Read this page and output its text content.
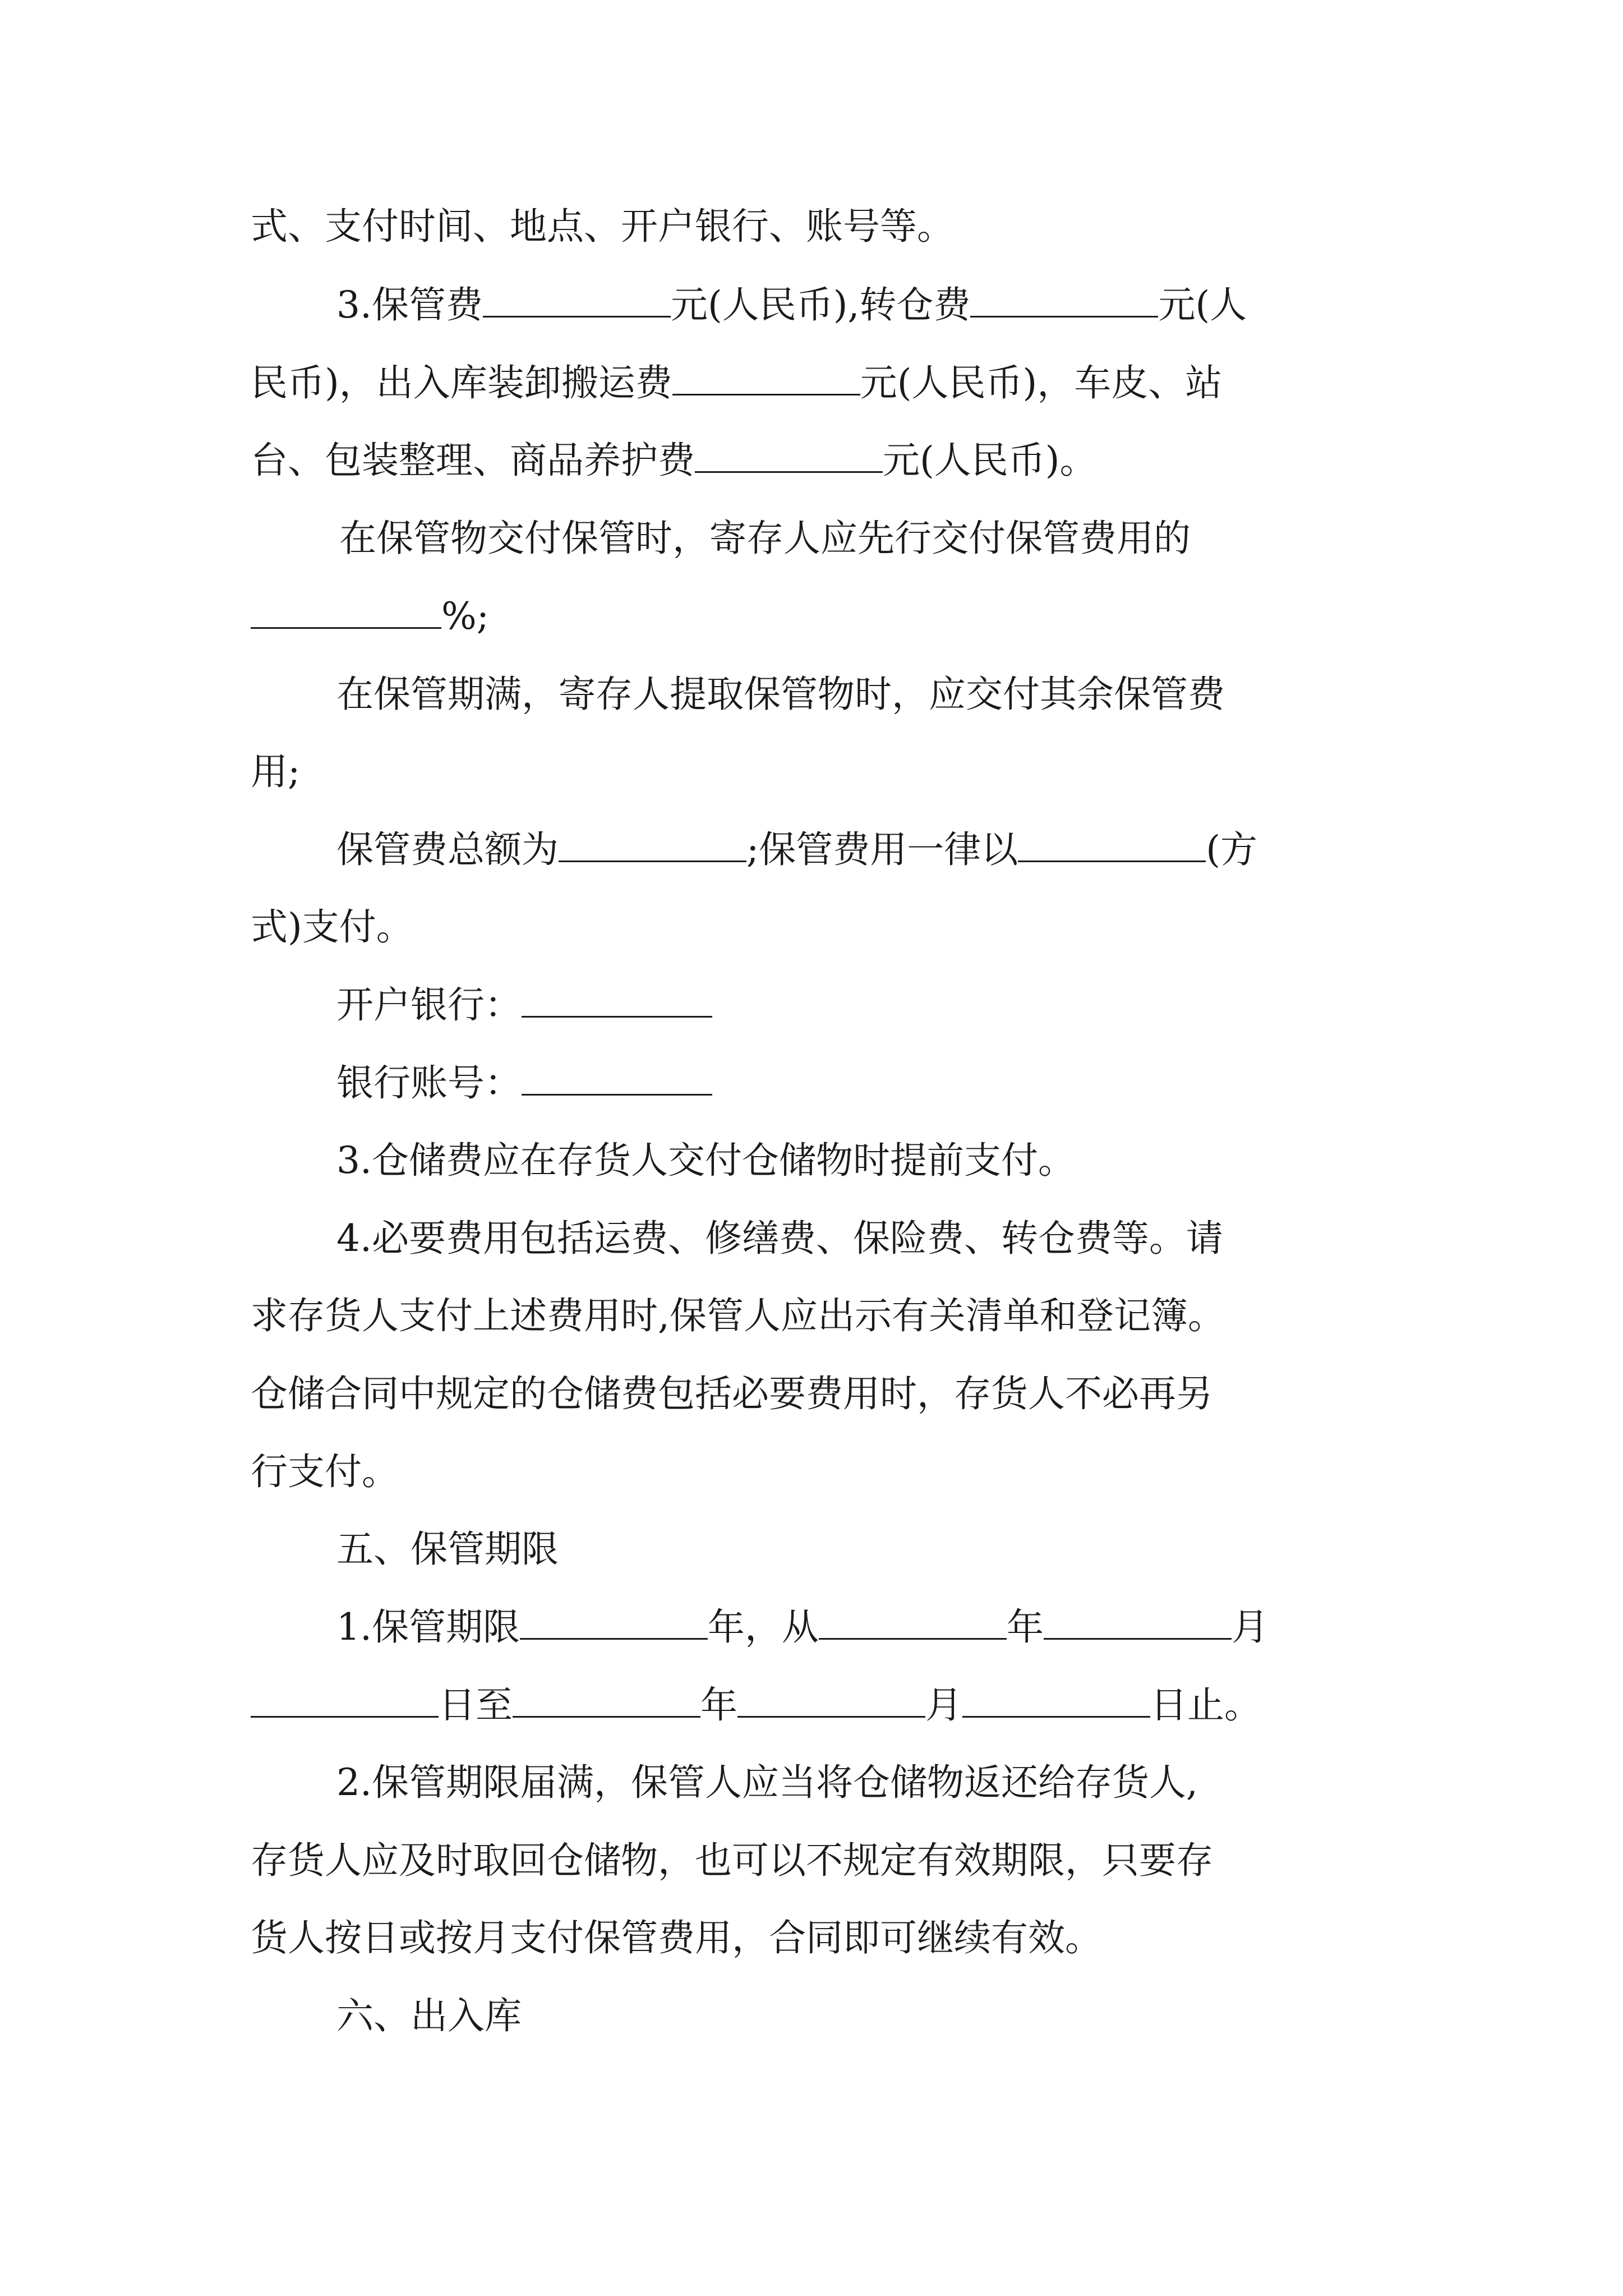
式、支付时间、地点、开户银行、账号等。
3.保管费	元(人民币),转仓费	元(人
民币)，出入库装卸搬运费	元(人民币)，车皮、站
台、包装整理、商品养护费	元(人民币)。
在保管物交付保管时，寄存人应先行交付保管费用的
%;
在保管期满，寄存人提取保管物时，应交付其余保管费
用;
保管费总额为	;保管费用一律以	(方
式)支付。
开户银行：
银行账号：
3.仓储费应在存货人交付仓储物时提前支付。
4.必要费用包括运费、修缮费、保险费、转仓费等。请
求存货人支付上述费用时,保管人应出示有关清单和登记簿。
仓储合同中规定的仓储费包括必要费用时，存货人不必再另
行支付。
五、保管期限
1.保管期限	年，从	年	月
日至	年	月	日止。
2.保管期限届满，保管人应当将仓储物返还给存货人,
存货人应及时取回仓储物，也可以不规定有效期限，只要存
货人按日或按月支付保管费用，合同即可继续有效。
六、出入库
